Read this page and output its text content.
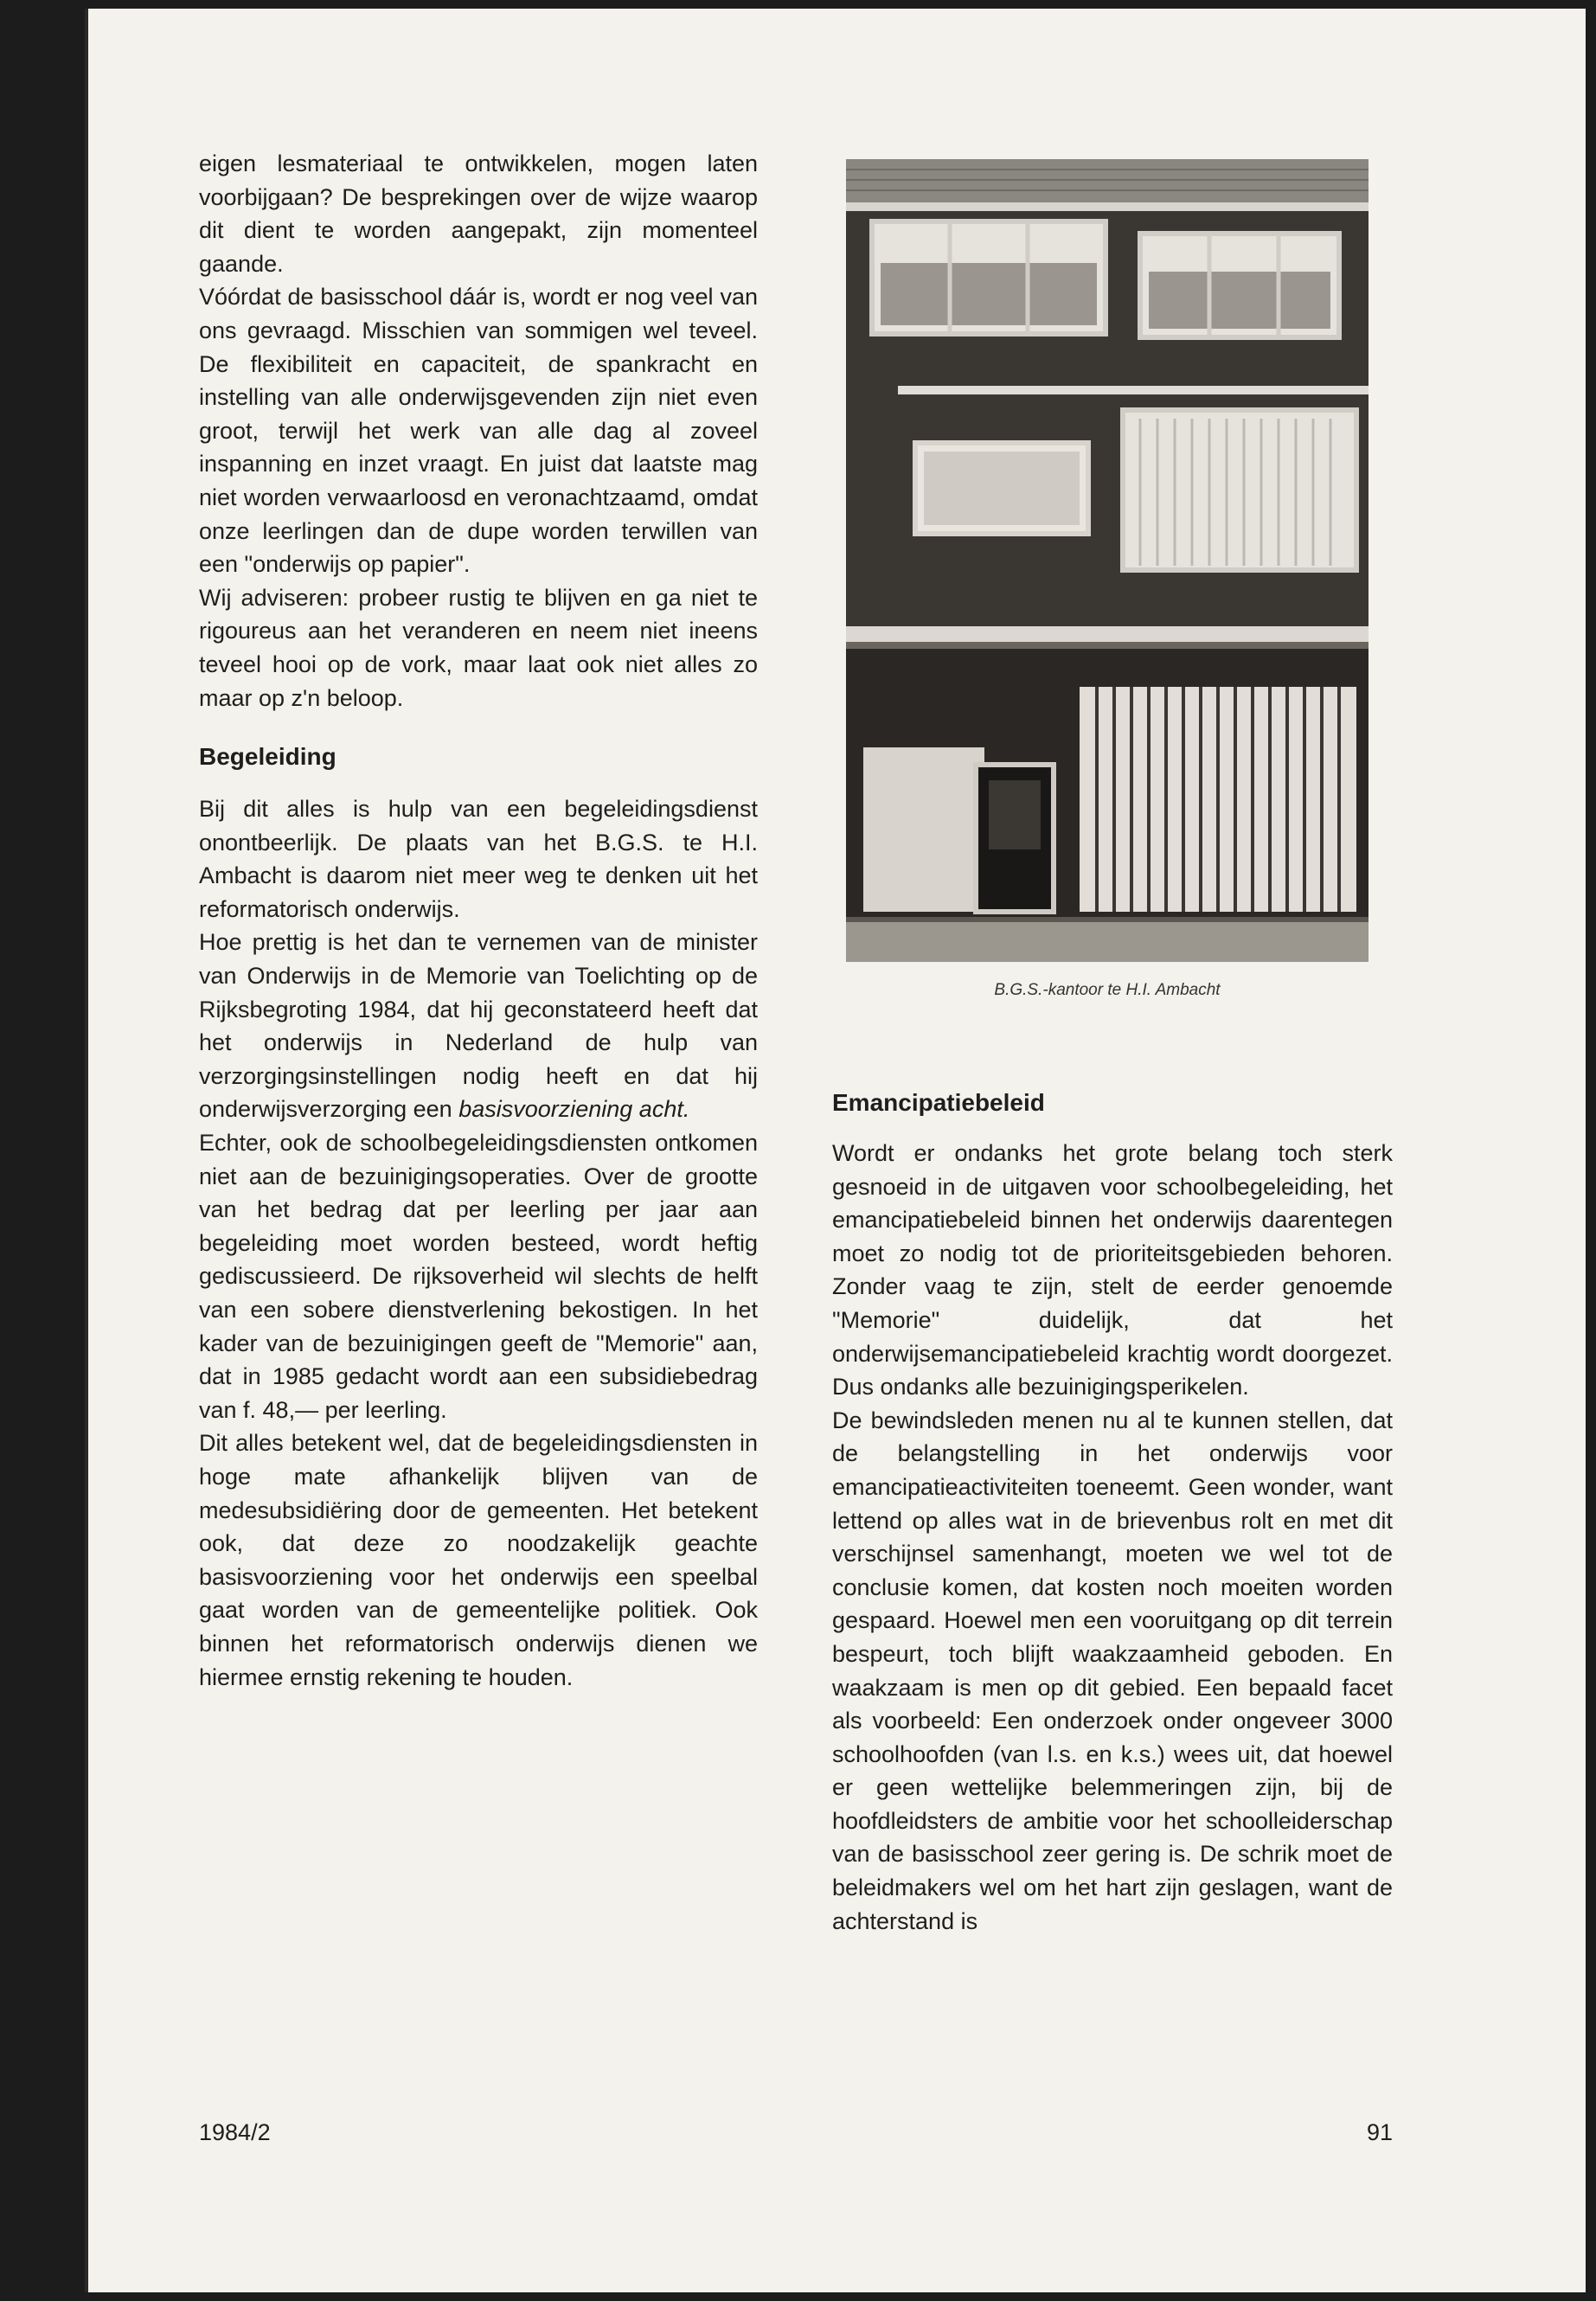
eigen lesmateriaal te ontwikkelen, mogen laten voorbijgaan? De besprekingen over de wijze waarop dit dient te worden aangepakt, zijn momenteel gaande.

Vóórdat de basisschool dáár is, wordt er nog veel van ons gevraagd. Misschien van sommigen wel teveel. De flexibiliteit en capaciteit, de spankracht en instelling van alle onderwijsgevenden zijn niet even groot, terwijl het werk van alle dag al zoveel inspanning en inzet vraagt. En juist dat laatste mag niet worden verwaarloosd en veronachtzaamd, omdat onze leerlingen dan de dupe worden terwillen van een "onderwijs op papier".

Wij adviseren: probeer rustig te blijven en ga niet te rigoureus aan het veranderen en neem niet ineens teveel hooi op de vork, maar laat ook niet alles zo maar op z'n beloop.

Begeleiding

Bij dit alles is hulp van een begeleidingsdienst onontbeerlijk. De plaats van het B.G.S. te H.I. Ambacht is daarom niet meer weg te denken uit het reformatorisch onderwijs.

Hoe prettig is het dan te vernemen van de minister van Onderwijs in de Memorie van Toelichting op de Rijksbegroting 1984, dat hij geconstateerd heeft dat het onderwijs in Nederland de hulp van verzorgingsinstellingen nodig heeft en dat hij onderwijsverzorging een basisvoorziening acht.

Echter, ook de schoolbegeleidingsdiensten ontkomen niet aan de bezuinigingsoperaties. Over de grootte van het bedrag dat per leerling per jaar aan begeleiding moet worden besteed, wordt heftig gediscussieerd. De rijksoverheid wil slechts de helft van een sobere dienstverlening bekostigen. In het kader van de bezuinigingen geeft de "Memorie" aan, dat in 1985 gedacht wordt aan een subsidiebedrag van f. 48,— per leerling.

Dit alles betekent wel, dat de begeleidingsdiensten in hoge mate afhankelijk blijven van de medesubsidiëring door de gemeenten. Het betekent ook, dat deze zo noodzakelijk geachte basisvoorziening voor het onderwijs een speelbal gaat worden van de gemeentelijke politiek. Ook binnen het reformatorisch onderwijs dienen we hiermee ernstig rekening te houden.

B.G.S.-kantoor te H.I. Ambacht
Emancipatiebeleid

Wordt er ondanks het grote belang toch sterk gesnoeid in de uitgaven voor schoolbegeleiding, het emancipatiebeleid binnen het onderwijs daarentegen moet zo nodig tot de prioriteitsgebieden behoren. Zonder vaag te zijn, stelt de eerder genoemde "Memorie" duidelijk, dat het onderwijsemancipatiebeleid krachtig wordt doorgezet. Dus ondanks alle bezuinigingsperikelen.

De bewindsleden menen nu al te kunnen stellen, dat de belangstelling in het onderwijs voor emancipatieactiviteiten toeneemt. Geen wonder, want lettend op alles wat in de brievenbus rolt en met dit verschijnsel samenhangt, moeten we wel tot de conclusie komen, dat kosten noch moeiten worden gespaard. Hoewel men een vooruitgang op dit terrein bespeurt, toch blijft waakzaamheid geboden. En waakzaam is men op dit gebied. Een bepaald facet als voorbeeld: Een onderzoek onder ongeveer 3000 schoolhoofden (van l.s. en k.s.) wees uit, dat hoewel er geen wettelijke belemmeringen zijn, bij de hoofdleidsters de ambitie voor het schoolleiderschap van de basisschool zeer gering is. De schrik moet de beleidmakers wel om het hart zijn geslagen, want de achterstand is

1984/2	91
